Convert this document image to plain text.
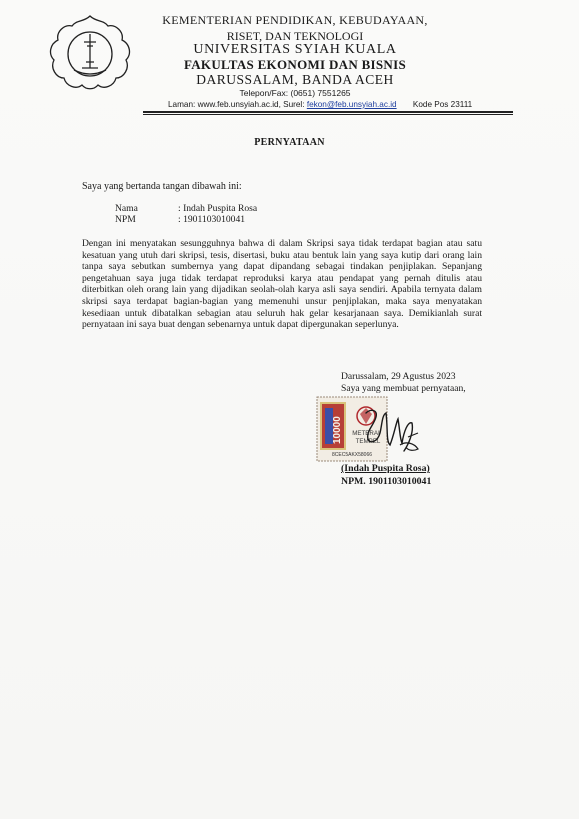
KEMENTERIAN PENDIDIKAN, KEBUDAYAAN,
RISET, DAN TEKNOLOGI
UNIVERSITAS SYIAH KUALA
FAKULTAS EKONOMI DAN BISNIS
DARUSSALAM, BANDA ACEH
Telepon/Fax: (0651) 7551265
Laman: www.feb.unsyiah.ac.id, Surel: fekon@feb.unsyiah.ac.id Kode Pos 23111
PERNYATAAN
Saya yang bertanda tangan dibawah ini:
Nama	: Indah Puspita Rosa
NPM	: 1901103010041
Dengan ini menyatakan sesungguhnya bahwa di dalam Skripsi saya tidak terdapat bagian atau satu kesatuan yang utuh dari skripsi, tesis, disertasi, buku atau bentuk lain yang saya kutip dari orang lain tanpa saya sebutkan sumbernya yang dapat dipandang sebagai tindakan penjiplakan. Sepanjang pengetahuan saya juga tidak terdapat reproduksi karya atau pendapat yang pernah ditulis atau diterbitkan oleh orang lain yang dijadikan seolah-olah karya asli saya sendiri. Apabila ternyata dalam skripsi saya terdapat bagian-bagian yang memenuhi unsur penjiplakan, maka saya menyatakan kesediaan untuk dibatalkan sebagian atau seluruh hak gelar kesarjanaan saya. Demikianlah surat pernyataan ini saya buat dengan sebenarnya untuk dapat dipergunakan seperlunya.
Darussalam, 29 Agustus 2023
Saya yang membuat pernyataan,
10000 METERAI
TEMPEL
8CEC5AKX58066
(Indah Puspita Rosa)
NPM. 1901103010041
